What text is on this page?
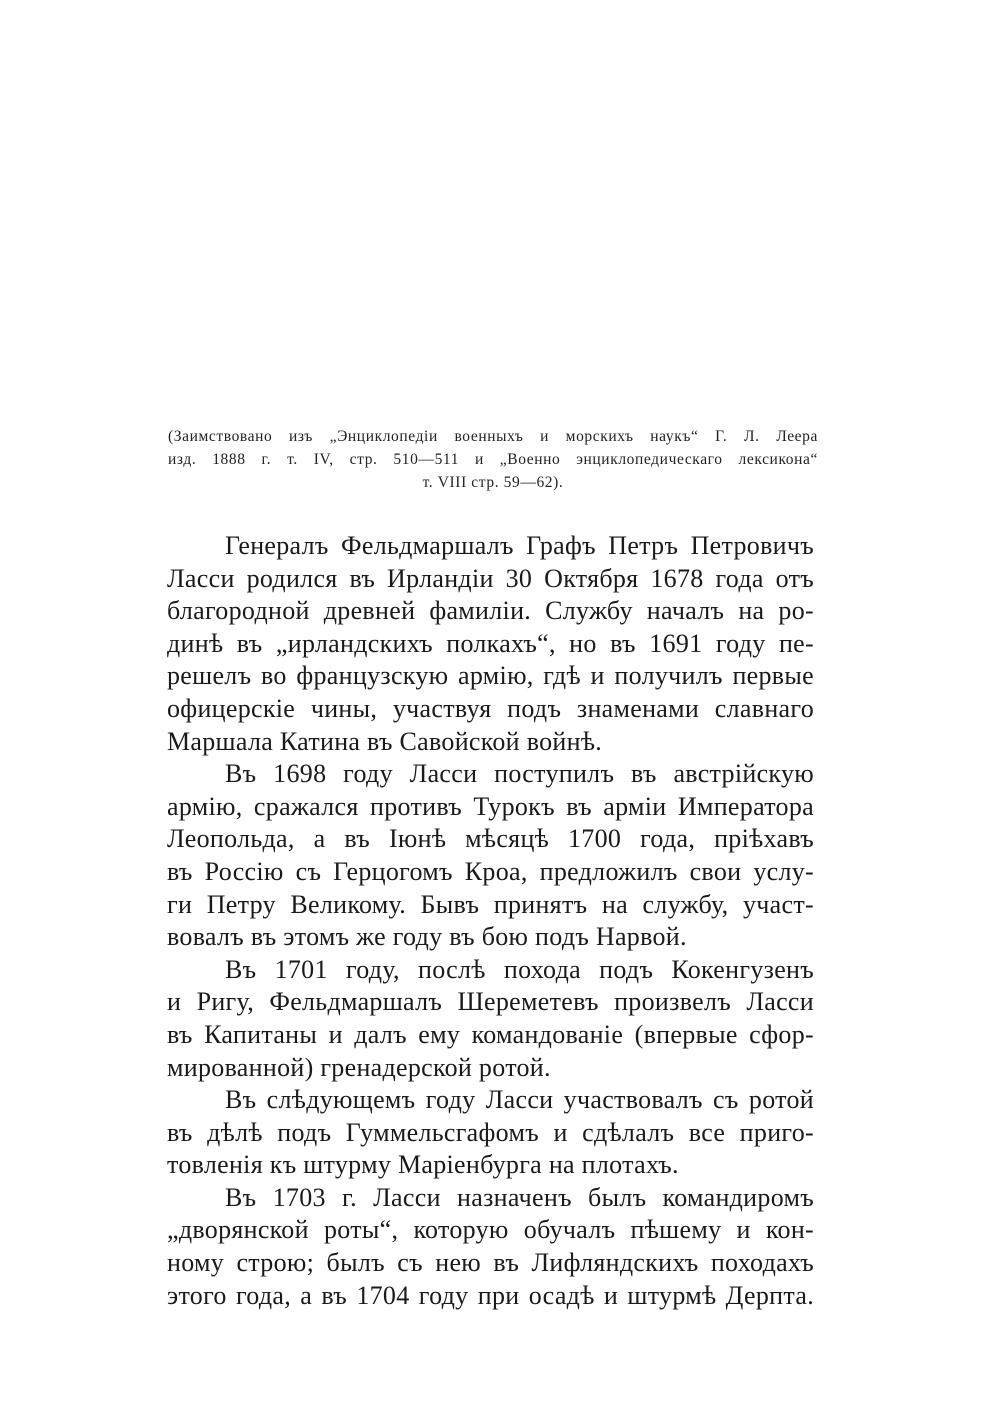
(Заимствовано изъ „Энциклопедіи военныхъ и морскихъ наукъ“ Г. Л. Леера
изд. 1888 г. т. IV, стр. 510—511 и „Военно энциклопедическаго лексикона“
т. VIII стр. 59—62).
Генералъ Фельдмаршалъ Графъ Петръ Петровичъ
Ласси родился въ Ирландіи 30 Октября 1678 года отъ
благородной древней фамиліи. Службу началъ на ро-
динѣ въ „ирландскихъ полкахъ“, но въ 1691 году пе-
решелъ во французскую армію, гдѣ и получилъ первые
офицерскіе чины, участвуя подъ знаменами славнаго
Маршала Катина въ Савойской войнѣ.
Въ 1698 году Ласси поступилъ въ австрійскую
армію, сражался противъ Турокъ въ арміи Императора
Леопольда, а въ Іюнѣ мѣсяцѣ 1700 года, пріѣхавъ
въ Россію съ Герцогомъ Кроа, предложилъ свои услу-
ги Петру Великому. Бывъ принятъ на службу, участ-
вовалъ въ этомъ же году въ бою подъ Нарвой.
Въ 1701 году, послѣ похода подъ Кокенгузенъ
и Ригу, Фельдмаршалъ Шереметевъ произвелъ Ласси
въ Капитаны и далъ ему командованіе (впервые сфор-
мированной) гренадерской ротой.
Въ слѣдующемъ году Ласси участвовалъ съ ротой
въ дѣлѣ подъ Гуммельсгафомъ и сдѣлалъ все приго-
товленія къ штурму Маріенбурга на плотахъ.
Въ 1703 г. Ласси назначенъ былъ командиромъ
„дворянской роты“, которую обучалъ пѣшему и кон-
ному строю; былъ съ нею въ Лифляндскихъ походахъ
этого года, а въ 1704 году при осадѣ и штурмѣ Дерпта.
